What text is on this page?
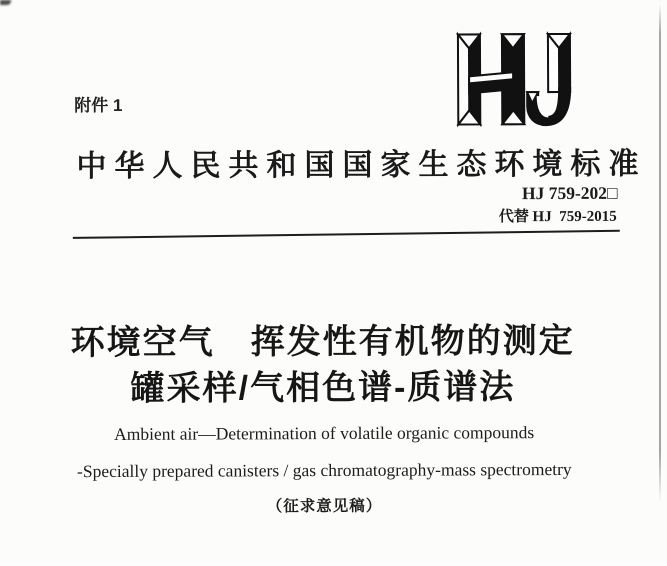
附件 1
中华人民共和国国家生态环境标准
HJ 759-202□
代替 HJ  759-2015
环境空气　挥发性有机物的测定
罐采样/气相色谱-质谱法
Ambient air—Determination of volatile organic compounds
-Specially prepared canisters / gas chromatography-mass spectrometry
（征求意见稿）
